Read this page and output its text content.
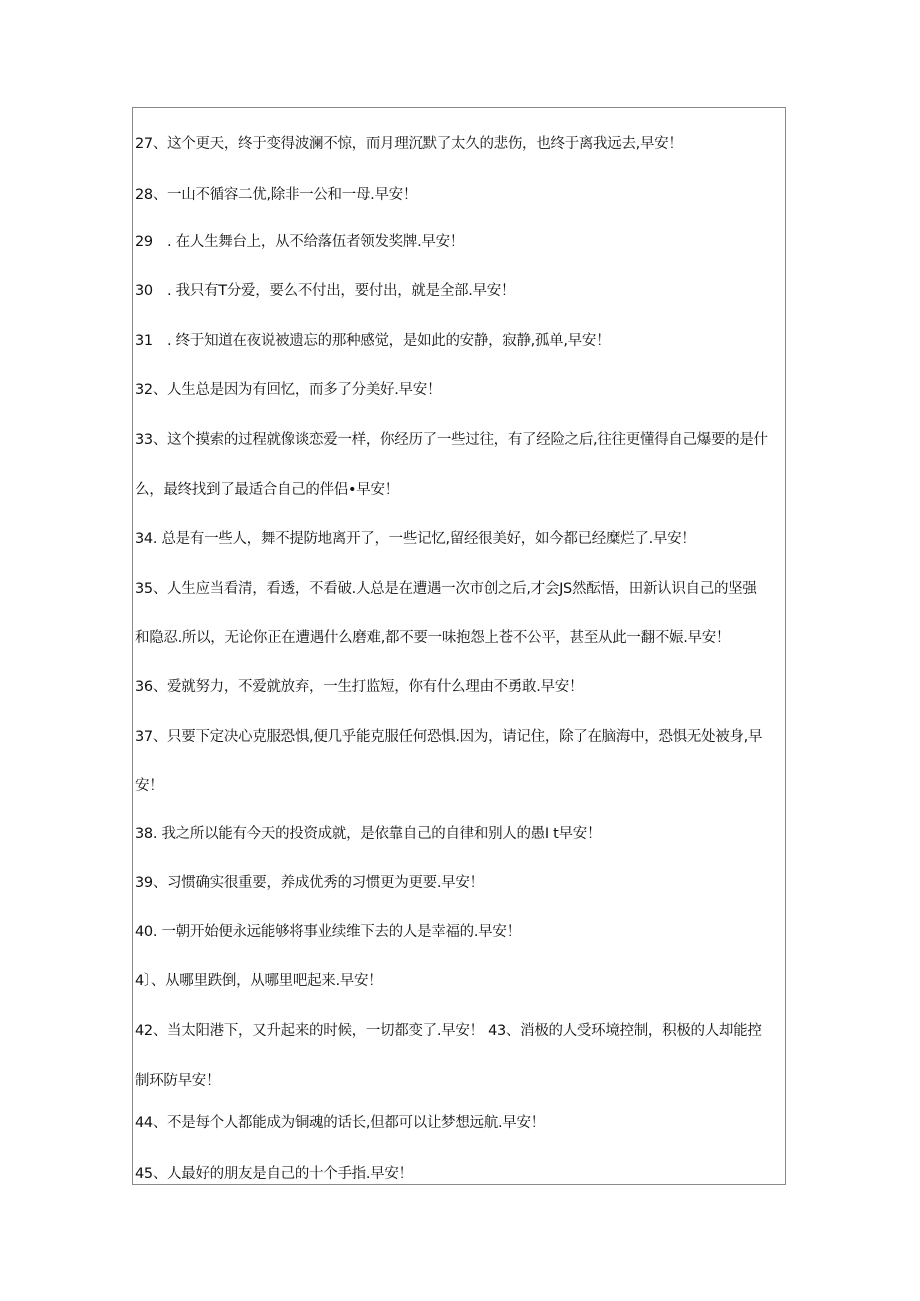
27、这个更天，终于变得波澜不惊，而月理沉默了太久的悲伤，也终于离我远去,早安！
28、一山不循容二优,除非一公和一母.早安！
29　. 在人生舞台上，从不给落伍者领发奖牌.早安！
30　. 我只有T分爱，要么不付出，要付出，就是全部.早安！
31　. 终于知道在夜说被遗忘的那种感觉，是如此的安静，寂静,孤单,早安！
32、人生总是因为有回忆，而多了分美好.早安！
33、这个摸索的过程就像谈恋爱一样，你经历了一些过往，有了经险之后,往往更懂得自己爆要的是什
么，最终找到了最适合自己的伴侣•早安！
34. 总是有一些人，舞不提防地离开了，一些记忆,留经很美好，如今都已经糜烂了.早安！
35、人生应当看清，看透，不看破.人总是在遭遇一次市创之后,才会JS然酝悟，田新认识自己的坚强
和隐忍.所以，无论你正在遭遇什么磨难,都不要一味抱怨上苍不公平，甚至从此一翻不娠.早安！
36、爱就努力，不爱就放弃，一生打监短，你有什么理由不勇敢.早安！
37、只要下定决心克服恐惧,便几乎能克服任何恐惧.因为，请记住，除了在脑海中，恐惧无处被身,早
安！
38. 我之所以能有今天的投资成就，是依靠自己的自律和别人的愚I t早安！
39、习惯确实很重要，养成优秀的习惯更为更要.早安！
40. 一朝开始便永远能够将事业续维下去的人是幸福的.早安！
4〕、从哪里跌倒，从哪里吧起来.早安！
42、当太阳港下，又升起来的时候，一切都变了.早安！ 43、消极的人受环境控制，积极的人却能控
制环防早安！
44、不是每个人都能成为铜魂的话长,但都可以让梦想远航.早安！
45、人最好的朋友是自己的十个手指.早安！
